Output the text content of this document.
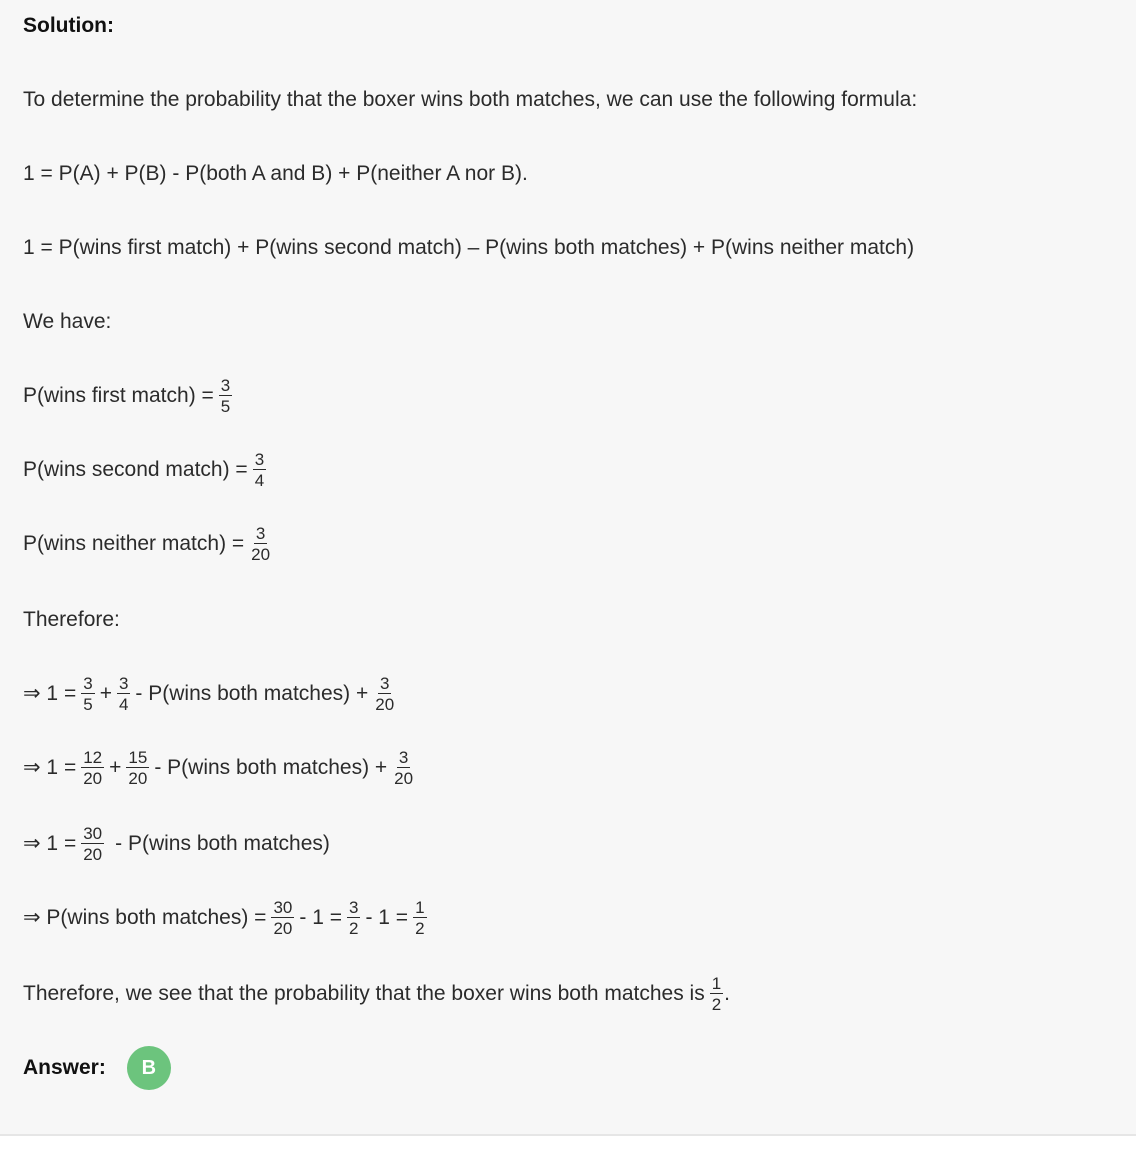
Solution:
To determine the probability that the boxer wins both matches, we can use the following formula:
1 = P(A) + P(B) - P(both A and B) + P(neither A nor B).
1 = P(wins first match) + P(wins second match) – P(wins both matches) + P(wins neither match)
We have:
P(wins first match) = $\frac{3}{5}$
P(wins second match) = $\frac{3}{4}$
P(wins neither match) = $\frac{3}{20}$
Therefore:
⇒ $1 = \frac{3}{5} + \frac{3}{4}$ - P(wins both matches) + $\frac{3}{20}$
⇒ $1 = \frac{12}{20} + \frac{15}{20}$ - P(wins both matches) + $\frac{3}{20}$
⇒ $1 = \frac{30}{20}$ - P(wins both matches)
⇒ P(wins both matches) = $\frac{30}{20} - 1 = \frac{3}{2} - 1 = \frac{1}{2}$
Therefore, we see that the probability that the boxer wins both matches is $\frac{1}{2}$ .
Answer:	B
